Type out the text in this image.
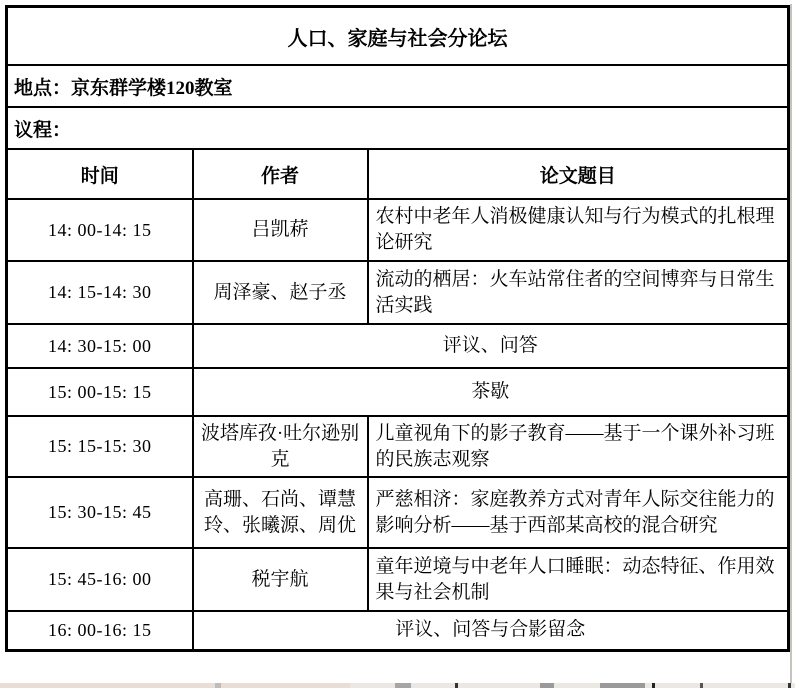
人口、家庭与社会分论坛		
地点：京东群学楼120教室		
议程：		
时间	作者	论文题目
14: 00-14: 15	吕凯菥	农村中老年人消极健康认知与行为模式的扎根理论研究
14: 15-14: 30	周泽豪、赵子丞	流动的栖居：火车站常住者的空间博弈与日常生活实践
14: 30-15: 00	评议、问答	
15: 00-15: 15	茶歇	
15: 15-15: 30	波塔库孜·吐尔逊别克	儿童视角下的影子教育——基于一个课外补习班的民族志观察
15: 30-15: 45	高珊、石尚、谭慧玲、张曦源、周优	严慈相济：家庭教养方式对青年人际交往能力的影响分析——基于西部某高校的混合研究
15: 45-16: 00	税宇航	童年逆境与中老年人口睡眠：动态特征、作用效果与社会机制
16: 00-16: 15	评议、问答与合影留念	
